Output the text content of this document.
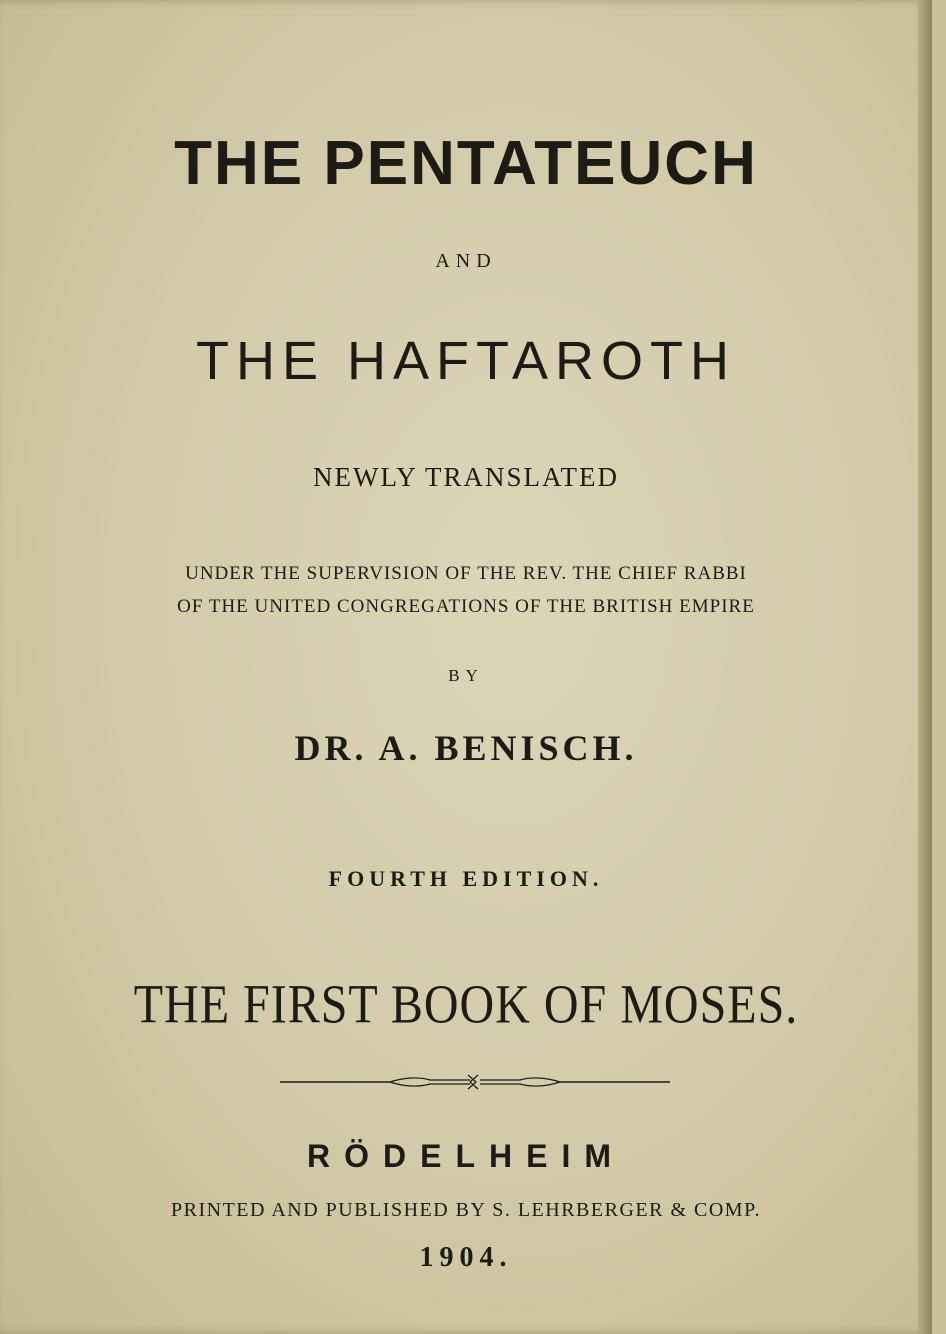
THE PENTATEUCH
AND
THE HAFTAROTH
NEWLY TRANSLATED
UNDER THE SUPERVISION OF THE REV. THE CHIEF RABBI
OF THE UNITED CONGREGATIONS OF THE BRITISH EMPIRE
BY
DR. A. BENISCH.
FOURTH EDITION.
THE FIRST BOOK OF MOSES.
RÖDELHEIM
PRINTED AND PUBLISHED BY S. LEHRBERGER & COMP.
1904.
